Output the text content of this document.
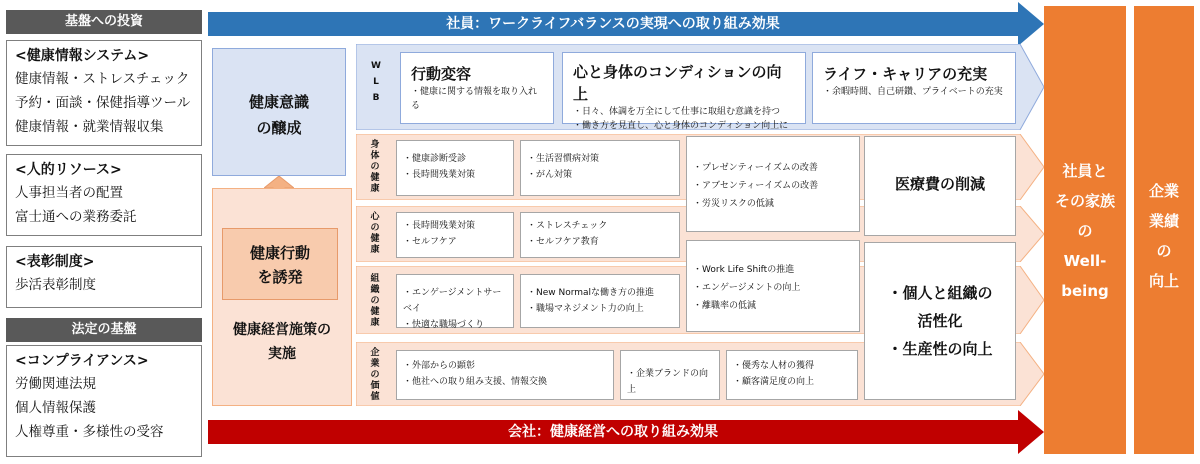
基盤への投資
<健康情報システム>
健康情報・ストレスチェック
予約・面談・保健指導ツール
健康情報・就業情報収集
<人的リソース>
人事担当者の配置
富士通への業務委託
<表彰制度>
歩活表彰制度
法定の基盤
<コンプライアンス>
労働関連法規
個人情報保護
人権尊重・多様性の受容
社員：ワークライフバランスの実現への取り組み効果
会社：健康経営への取り組み効果
健康意識
の醸成
健康行動
を誘発
健康経営施策の
実施
W
L
B
行動変容
・健康に関する情報を取り入れる
心と身体のコンディションの向上
・日々、体調を万全にして仕事に取組む意識を持つ
・働き方を見直し、心と身体のコンディション向上に
ライフ・キャリアの充実
・余暇時間、自己研鑽、プライベートの充実
身
体
の
健
康
心
の
健
康
組
織
の
健
康
企
業
の
価
値
・健康診断受診
・長時間残業対策
・生活習慣病対策
・がん対策
・長時間残業対策
・セルフケア
・ストレスチェック
・セルフケア教育
・エンゲージメントサーベイ
・快適な職場づくり
・New Normalな働き方の推進
・職場マネジメント力の向上
・外部からの顕彰
・他社への取り組み支援、情報交換
・企業ブランドの向上
・優秀な人材の獲得
・顧客満足度の向上
・プレゼンティーイズムの改善
・アブセンティーイズムの改善
・労災リスクの低減
・Work Life Shiftの推進
・エンゲージメントの向上
・離職率の低減
医療費の削減
・個人と組織の
活性化
・生産性の向上
社員と
その家族
の
Well-
being
企業
業績
の
向上
